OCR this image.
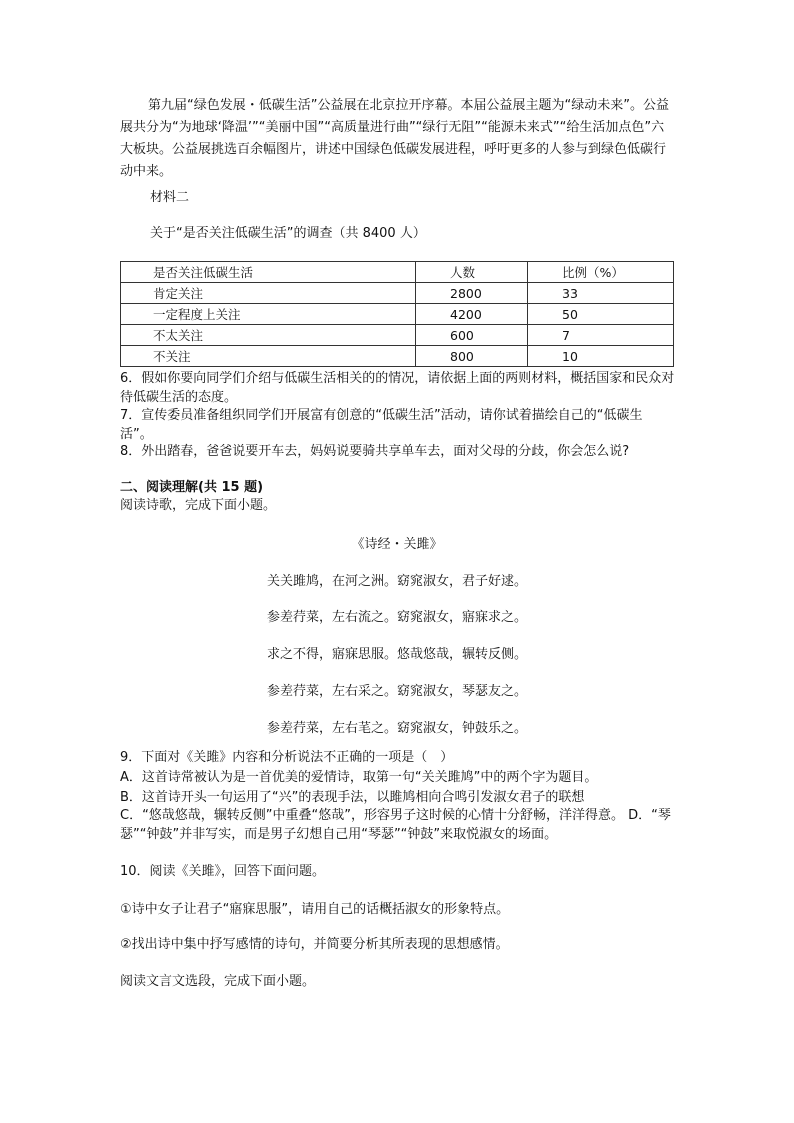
第九届“绿色发展・低碳生活”公益展在北京拉开序幕。本届公益展主题为“绿动未来”。公益展共分为“为地球‘降温’”“美丽中国”“高质量进行曲”“绿行无阻”“能源未来式”“给生活加点色”六大板块。公益展挑选百余幅图片，讲述中国绿色低碳发展进程，呼吁更多的人参与到绿色低碳行动中来。
材料二
关于“是否关注低碳生活”的调查（共 8400 人）
是否关注低碳生活	人数	比例（%）
肯定关注	2800	33
一定程度上关注	4200	50
不太关注	600	7
不关注	800	10
6．假如你要向同学们介绍与低碳生活相关的的情况，请依据上面的两则材料，概括国家和民众对待低碳生活的态度。
7．宣传委员准备组织同学们开展富有创意的“低碳生活”活动，请你试着描绘自己的“低碳生活”。
8．外出踏春，爸爸说要开车去，妈妈说要骑共享单车去，面对父母的分歧，你会怎么说?
二、阅读理解(共 15 题)
阅读诗歌，完成下面小题。
《诗经・关雎》
关关雎鸠，在河之洲。窈窕淑女，君子好逑。
参差荇菜，左右流之。窈窕淑女，寤寐求之。
求之不得，寤寐思服。悠哉悠哉，辗转反侧。
参差荇菜，左右采之。窈窕淑女，琴瑟友之。
参差荇菜，左右芼之。窈窕淑女，钟鼓乐之。
9．下面对《关雎》内容和分析说法不正确的一项是（　）
A．这首诗常被认为是一首优美的爱情诗，取第一句“关关雎鸠”中的两个字为题目。
B．这首诗开头一句运用了“兴”的表现手法，以雎鸠相向合鸣引发淑女君子的联想
C．“悠哉悠哉，辗转反侧”中重叠“悠哉”，形容男子这时候的心情十分舒畅，洋洋得意。 D．“琴瑟”“钟鼓”并非写实，而是男子幻想自己用“琴瑟”“钟鼓”来取悦淑女的场面。
10．阅读《关雎》，回答下面问题。
①诗中女子让君子“寤寐思服”，请用自己的话概括淑女的形象特点。
②找出诗中集中抒写感情的诗句，并简要分析其所表现的思想感情。
阅读文言文选段，完成下面小题。
